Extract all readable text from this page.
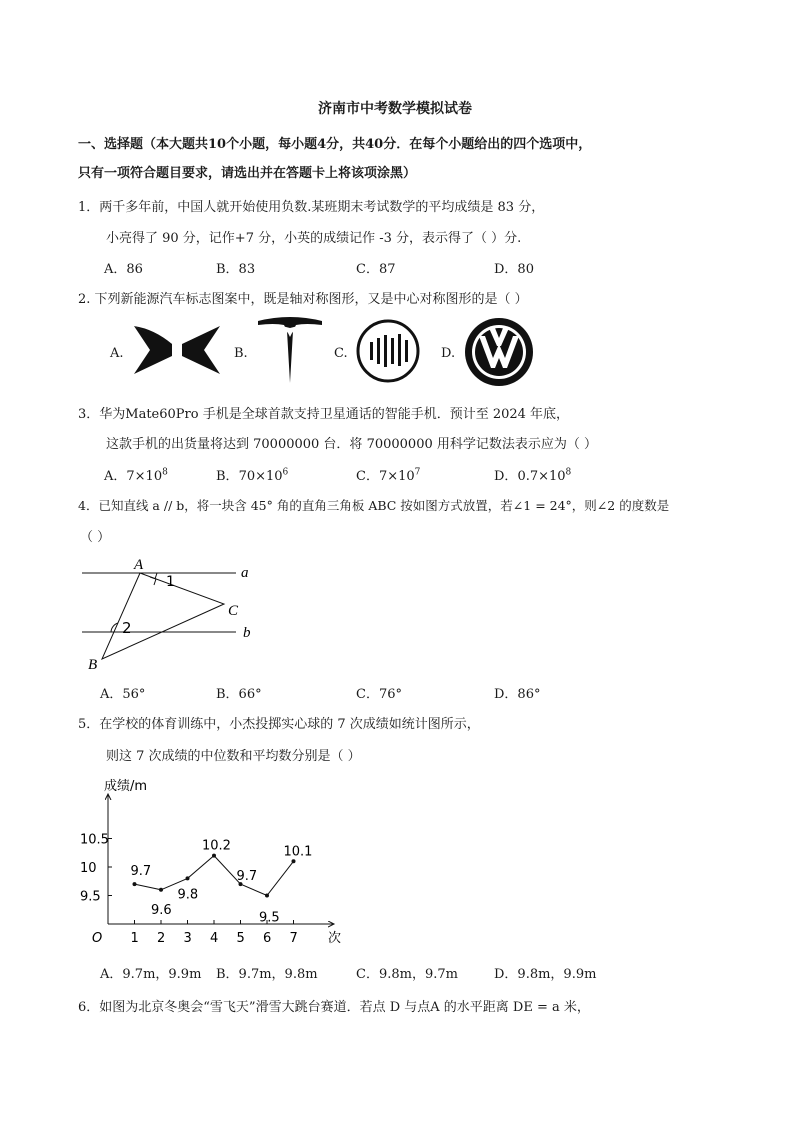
济南市中考数学模拟试卷
一、选择题（本大题共10个小题，每小题4分，共40分．在每个小题给出的四个选项中，
只有一项符合题目要求，请选出并在答题卡上将该项涂黑）
1．两千多年前，中国人就开始使用负数.某班期末考试数学的平均成绩是 83 分，
小亮得了 90 分，记作+7 分，小英的成绩记作 -3 分，表示得了（ ）分.
A．86	B．83	C．87	D．80
2. 下列新能源汽车标志图案中，既是轴对称图形，又是中心对称图形的是（ ）
A.	B.	C.	D.
3．华为Mate60Pro 手机是全球首款支持卫星通话的智能手机．预计至 2024 年底，
这款手机的出货量将达到 70000000 台．将 70000000 用科学记数法表示应为（ ）
A．$7\times 10^8$	B．$70\times 10^6$	C．$7\times 10^7$	D．$0.7\times 10^8$
4．已知直线 a // b，将一块含 45° 角的直角三角板 ABC 按如图方式放置，若∠1 = 24°，则∠2 的度数是
（ ）
A
B
C
a
b
1
2
A．56°	B．66°	C．76°	D．86°
5．在学校的体育训练中，小杰投掷实心球的 7 次成绩如统计图所示，
则这 7 次成绩的中位数和平均数分别是（ ）
成绩/m
次
O
9.5
10
10.5
1 2 3 4 5 6 7
9.7
9.6
9.8
10.2
9.7
9.5
10.1
A．9.7m，9.9m B．9.7m，9.8m	C．9.8m，9.7m	D．9.8m，9.9m
6．如图为北京冬奥会“雪飞天”滑雪大跳台赛道．若点 D 与点A 的水平距离 DE = a 米，
